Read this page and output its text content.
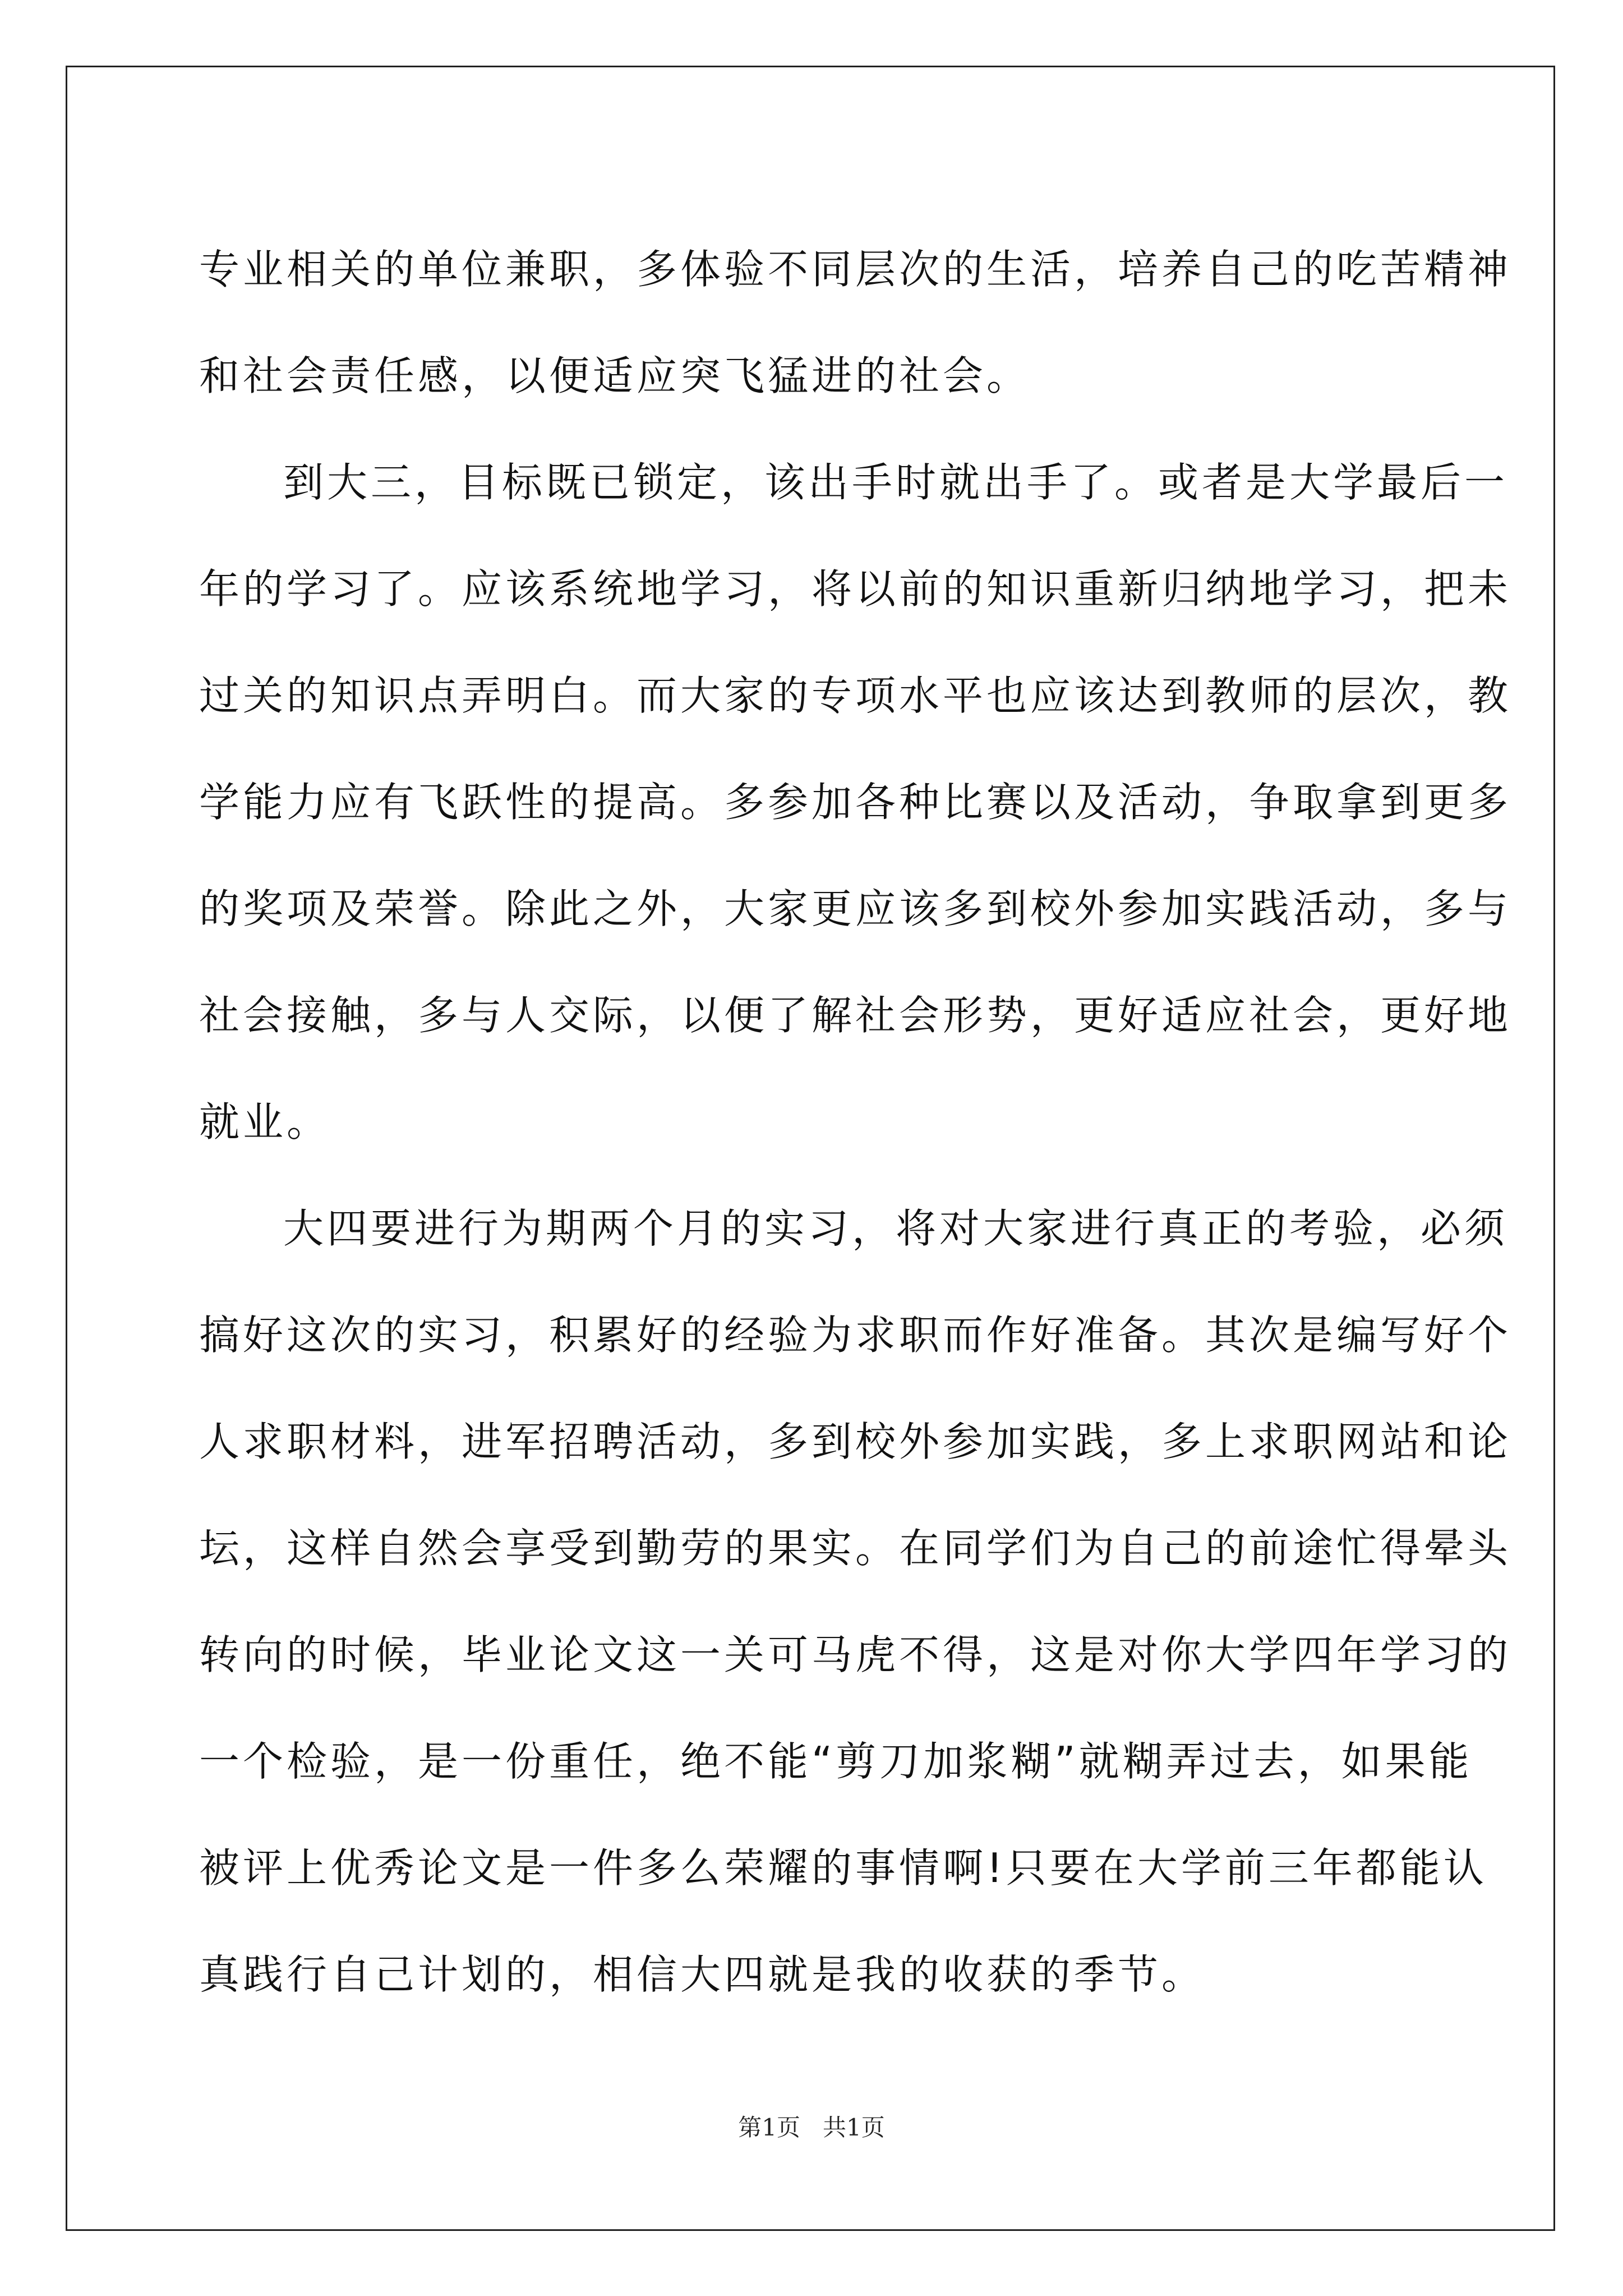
专业相关的单位兼职，多体验不同层次的生活，培养自己的吃苦精神
和社会责任感，以便适应突飞猛进的社会。

到大三，目标既已锁定，该出手时就出手了。或者是大学最后一
年的学习了。应该系统地学习，将以前的知识重新归纳地学习，把未
过关的知识点弄明白。而大家的专项水平也应该达到教师的层次，教
学能力应有飞跃性的提高。多参加各种比赛以及活动，争取拿到更多
的奖项及荣誉。除此之外，大家更应该多到校外参加实践活动，多与
社会接触，多与人交际，以便了解社会形势，更好适应社会，更好地
就业。

大四要进行为期两个月的实习，将对大家进行真正的考验，必须
搞好这次的实习，积累好的经验为求职而作好准备。其次是编写好个
人求职材料，进军招聘活动，多到校外参加实践，多上求职网站和论
坛，这样自然会享受到勤劳的果实。在同学们为自己的前途忙得晕头
转向的时候，毕业论文这一关可马虎不得，这是对你大学四年学习的
一个检验，是一份重任，绝不能“剪刀加浆糊”就糊弄过去，如果能
被评上优秀论文是一件多么荣耀的事情啊!只要在大学前三年都能认
真践行自己计划的，相信大四就是我的收获的季节。

第1页   共1页
